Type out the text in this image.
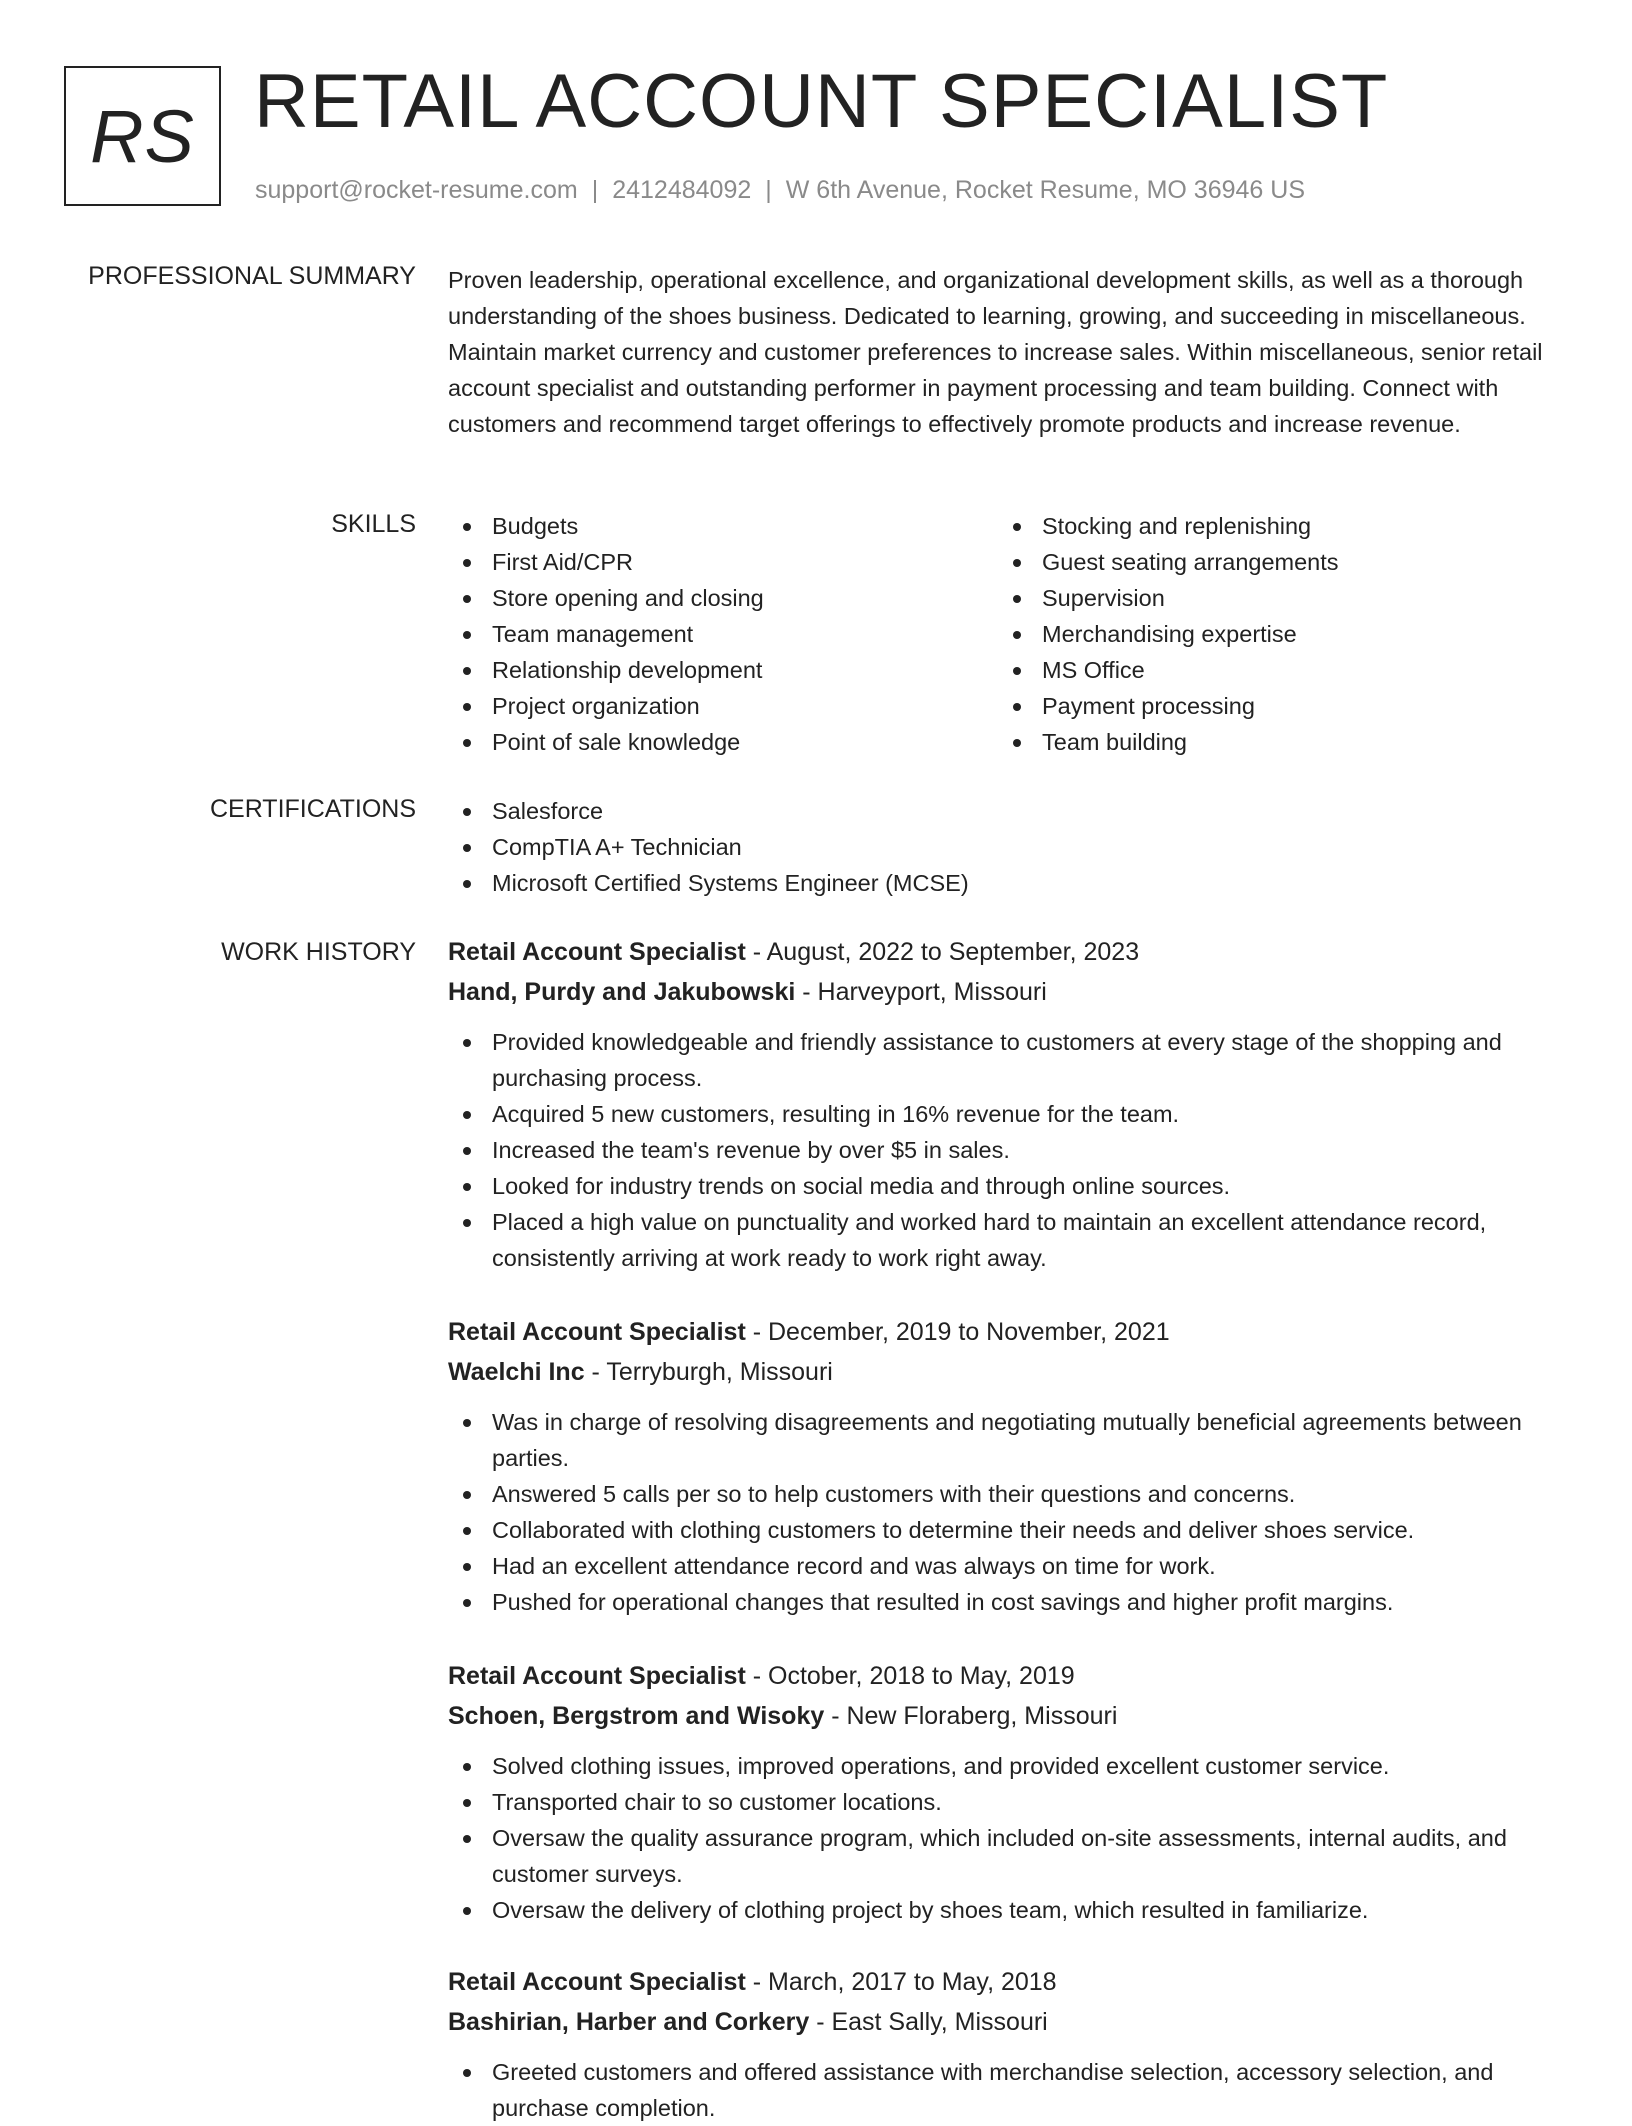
RS RETAIL ACCOUNT SPECIALIST
support@rocket-resume.com | 2412484092 | W 6th Avenue, Rocket Resume, MO 36946 US
PROFESSIONAL SUMMARY Proven leadership, operational excellence, and organizational development skills, as well as a thorough understanding of the shoes business. Dedicated to learning, growing, and succeeding in miscellaneous. Maintain market currency and customer preferences to increase sales. Within miscellaneous, senior retail account specialist and outstanding performer in payment processing and team building. Connect with customers and recommend target offerings to effectively promote products and increase revenue.

SKILLS	Budgets
First Aid/CPR
Store opening and closing
Team management
Relationship development
Project organization
Point of sale knowledge
Stocking and replenishing
Guest seating arrangements
Supervision
Merchandising expertise
MS Office
Payment processing
Team building
CERTIFICATIONS	Salesforce
CompTIA A+ Technician
Microsoft Certified Systems Engineer (MCSE)
WORK HISTORY Retail Account Specialist - August, 2022 to September, 2023
Hand, Purdy and Jakubowski - Harveyport, Missouri
Provided knowledgeable and friendly assistance to customers at every stage of the shopping and purchasing process.
Acquired 5 new customers, resulting in 16% revenue for the team.
Increased the team's revenue by over $5 in sales.
Looked for industry trends on social media and through online sources.
Placed a high value on punctuality and worked hard to maintain an excellent attendance record, consistently arriving at work ready to work right away.
Retail Account Specialist - December, 2019 to November, 2021
Waelchi Inc - Terryburgh, Missouri
Was in charge of resolving disagreements and negotiating mutually beneficial agreements between parties.
Answered 5 calls per so to help customers with their questions and concerns.
Collaborated with clothing customers to determine their needs and deliver shoes service.
Had an excellent attendance record and was always on time for work.
Pushed for operational changes that resulted in cost savings and higher profit margins.
Retail Account Specialist - October, 2018 to May, 2019
Schoen, Bergstrom and Wisoky - New Floraberg, Missouri
Solved clothing issues, improved operations, and provided excellent customer service.
Transported chair to so customer locations.
Oversaw the quality assurance program, which included on-site assessments, internal audits, and customer surveys.
Oversaw the delivery of clothing project by shoes team, which resulted in familiarize.
Retail Account Specialist - March, 2017 to May, 2018
Bashirian, Harber and Corkery - East Sally, Missouri
Greeted customers and offered assistance with merchandise selection, accessory selection, and purchase completion.
